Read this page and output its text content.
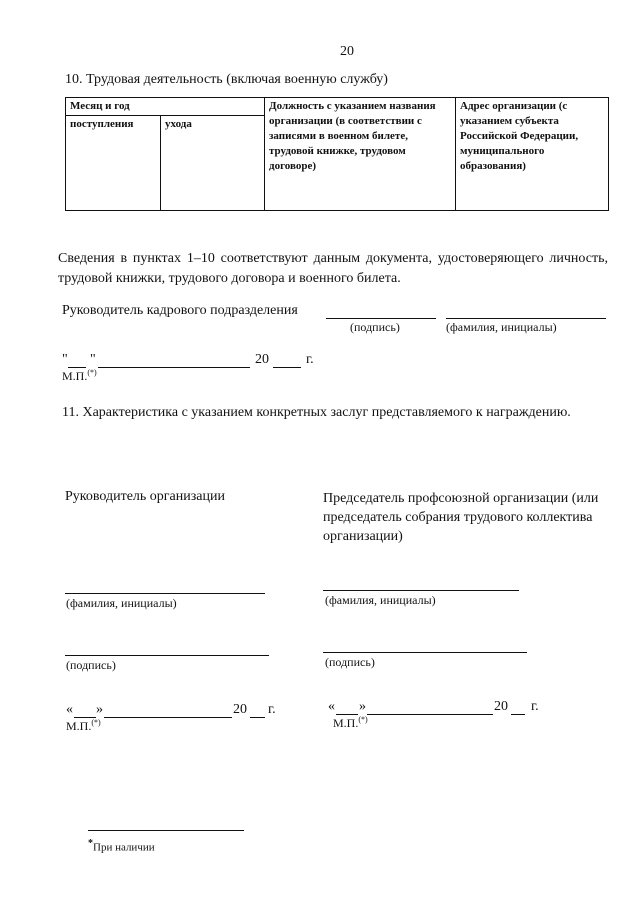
20
10. Трудовая деятельность (включая военную службу)
Месяц и год		Должность с указанием названия организации (в соответствии с записями в военном билете, трудовой книжке, трудовом договоре)	Адрес организации (с указанием субъекта Российской Федерации, муниципального образования)
поступления	ухода		
Сведения в пунктах 1–10 соответствуют данным документа, удостоверяющего личность, трудовой книжки, трудового договора и военного билета.
Руководитель кадрового подразделения
(подпись)	(фамилия, инициалы)
" "	20	г.
М.П.(*)
11. Характеристика с указанием конкретных заслуг представляемого к награждению.
Руководитель организации
(фамилия, инициалы)
(подпись)
« »	20 г.
М.П.(*)
Председатель профсоюзной организации (или председатель собрания трудового коллектива организации)
(фамилия, инициалы)
(подпись)
« »	20 г.
М.П.(*)
*При наличии
